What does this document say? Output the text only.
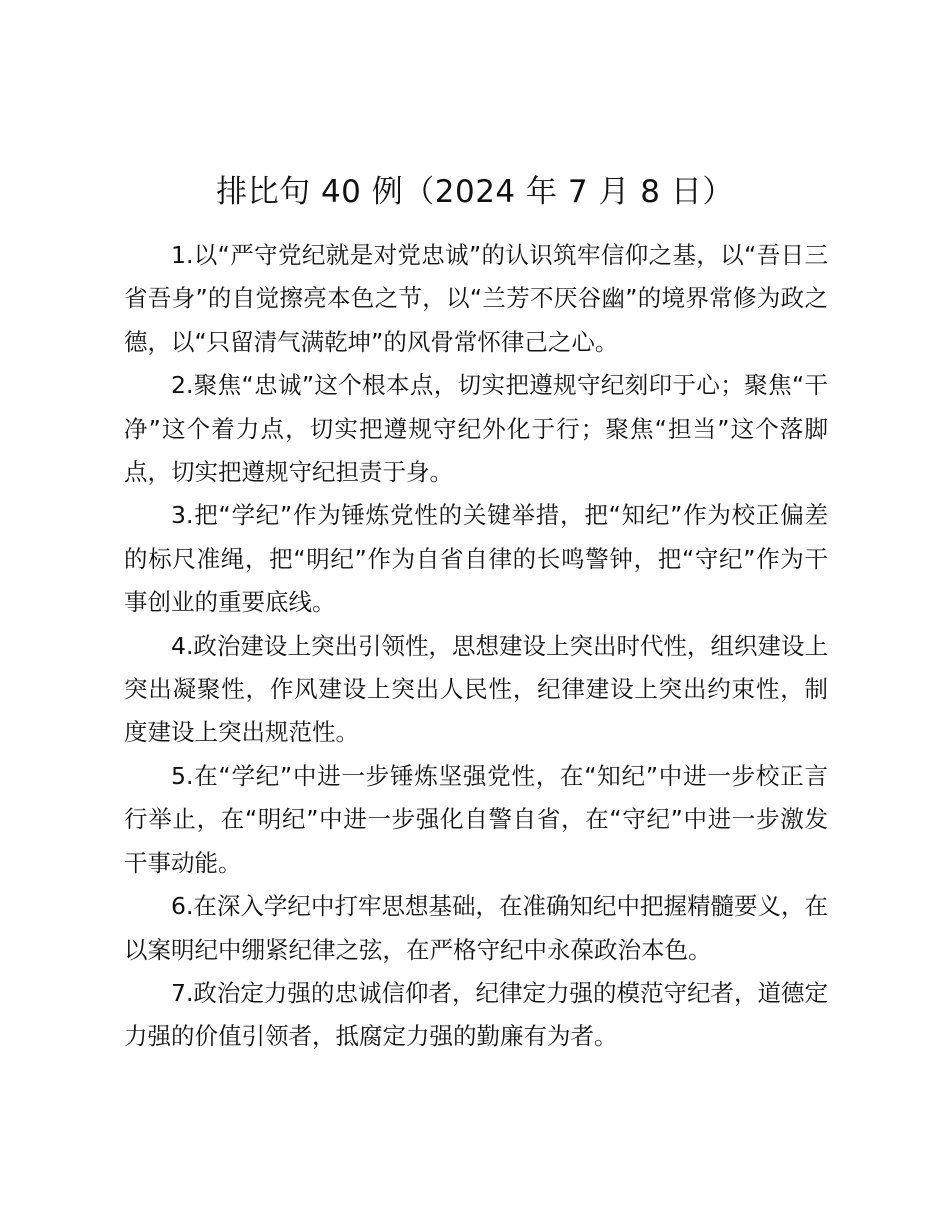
排比句 40 例（2024 年 7 月 8 日）

1.以“严守党纪就是对党忠诚”的认识筑牢信仰之基，以“吾日三省吾身”的自觉擦亮本色之节，以“兰芳不厌谷幽”的境界常修为政之德，以“只留清气满乾坤”的风骨常怀律己之心。

2.聚焦“忠诚”这个根本点，切实把遵规守纪刻印于心；聚焦“干净”这个着力点，切实把遵规守纪外化于行；聚焦“担当”这个落脚点，切实把遵规守纪担责于身。

3.把“学纪”作为锤炼党性的关键举措，把“知纪”作为校正偏差的标尺准绳，把“明纪”作为自省自律的长鸣警钟，把“守纪”作为干事创业的重要底线。

4.政治建设上突出引领性，思想建设上突出时代性，组织建设上突出凝聚性，作风建设上突出人民性，纪律建设上突出约束性，制度建设上突出规范性。

5.在“学纪”中进一步锤炼坚强党性，在“知纪”中进一步校正言行举止，在“明纪”中进一步强化自警自省，在“守纪”中进一步激发干事动能。

6.在深入学纪中打牢思想基础，在准确知纪中把握精髓要义，在以案明纪中绷紧纪律之弦，在严格守纪中永葆政治本色。

7.政治定力强的忠诚信仰者，纪律定力强的模范守纪者，道德定力强的价值引领者，抵腐定力强的勤廉有为者。
